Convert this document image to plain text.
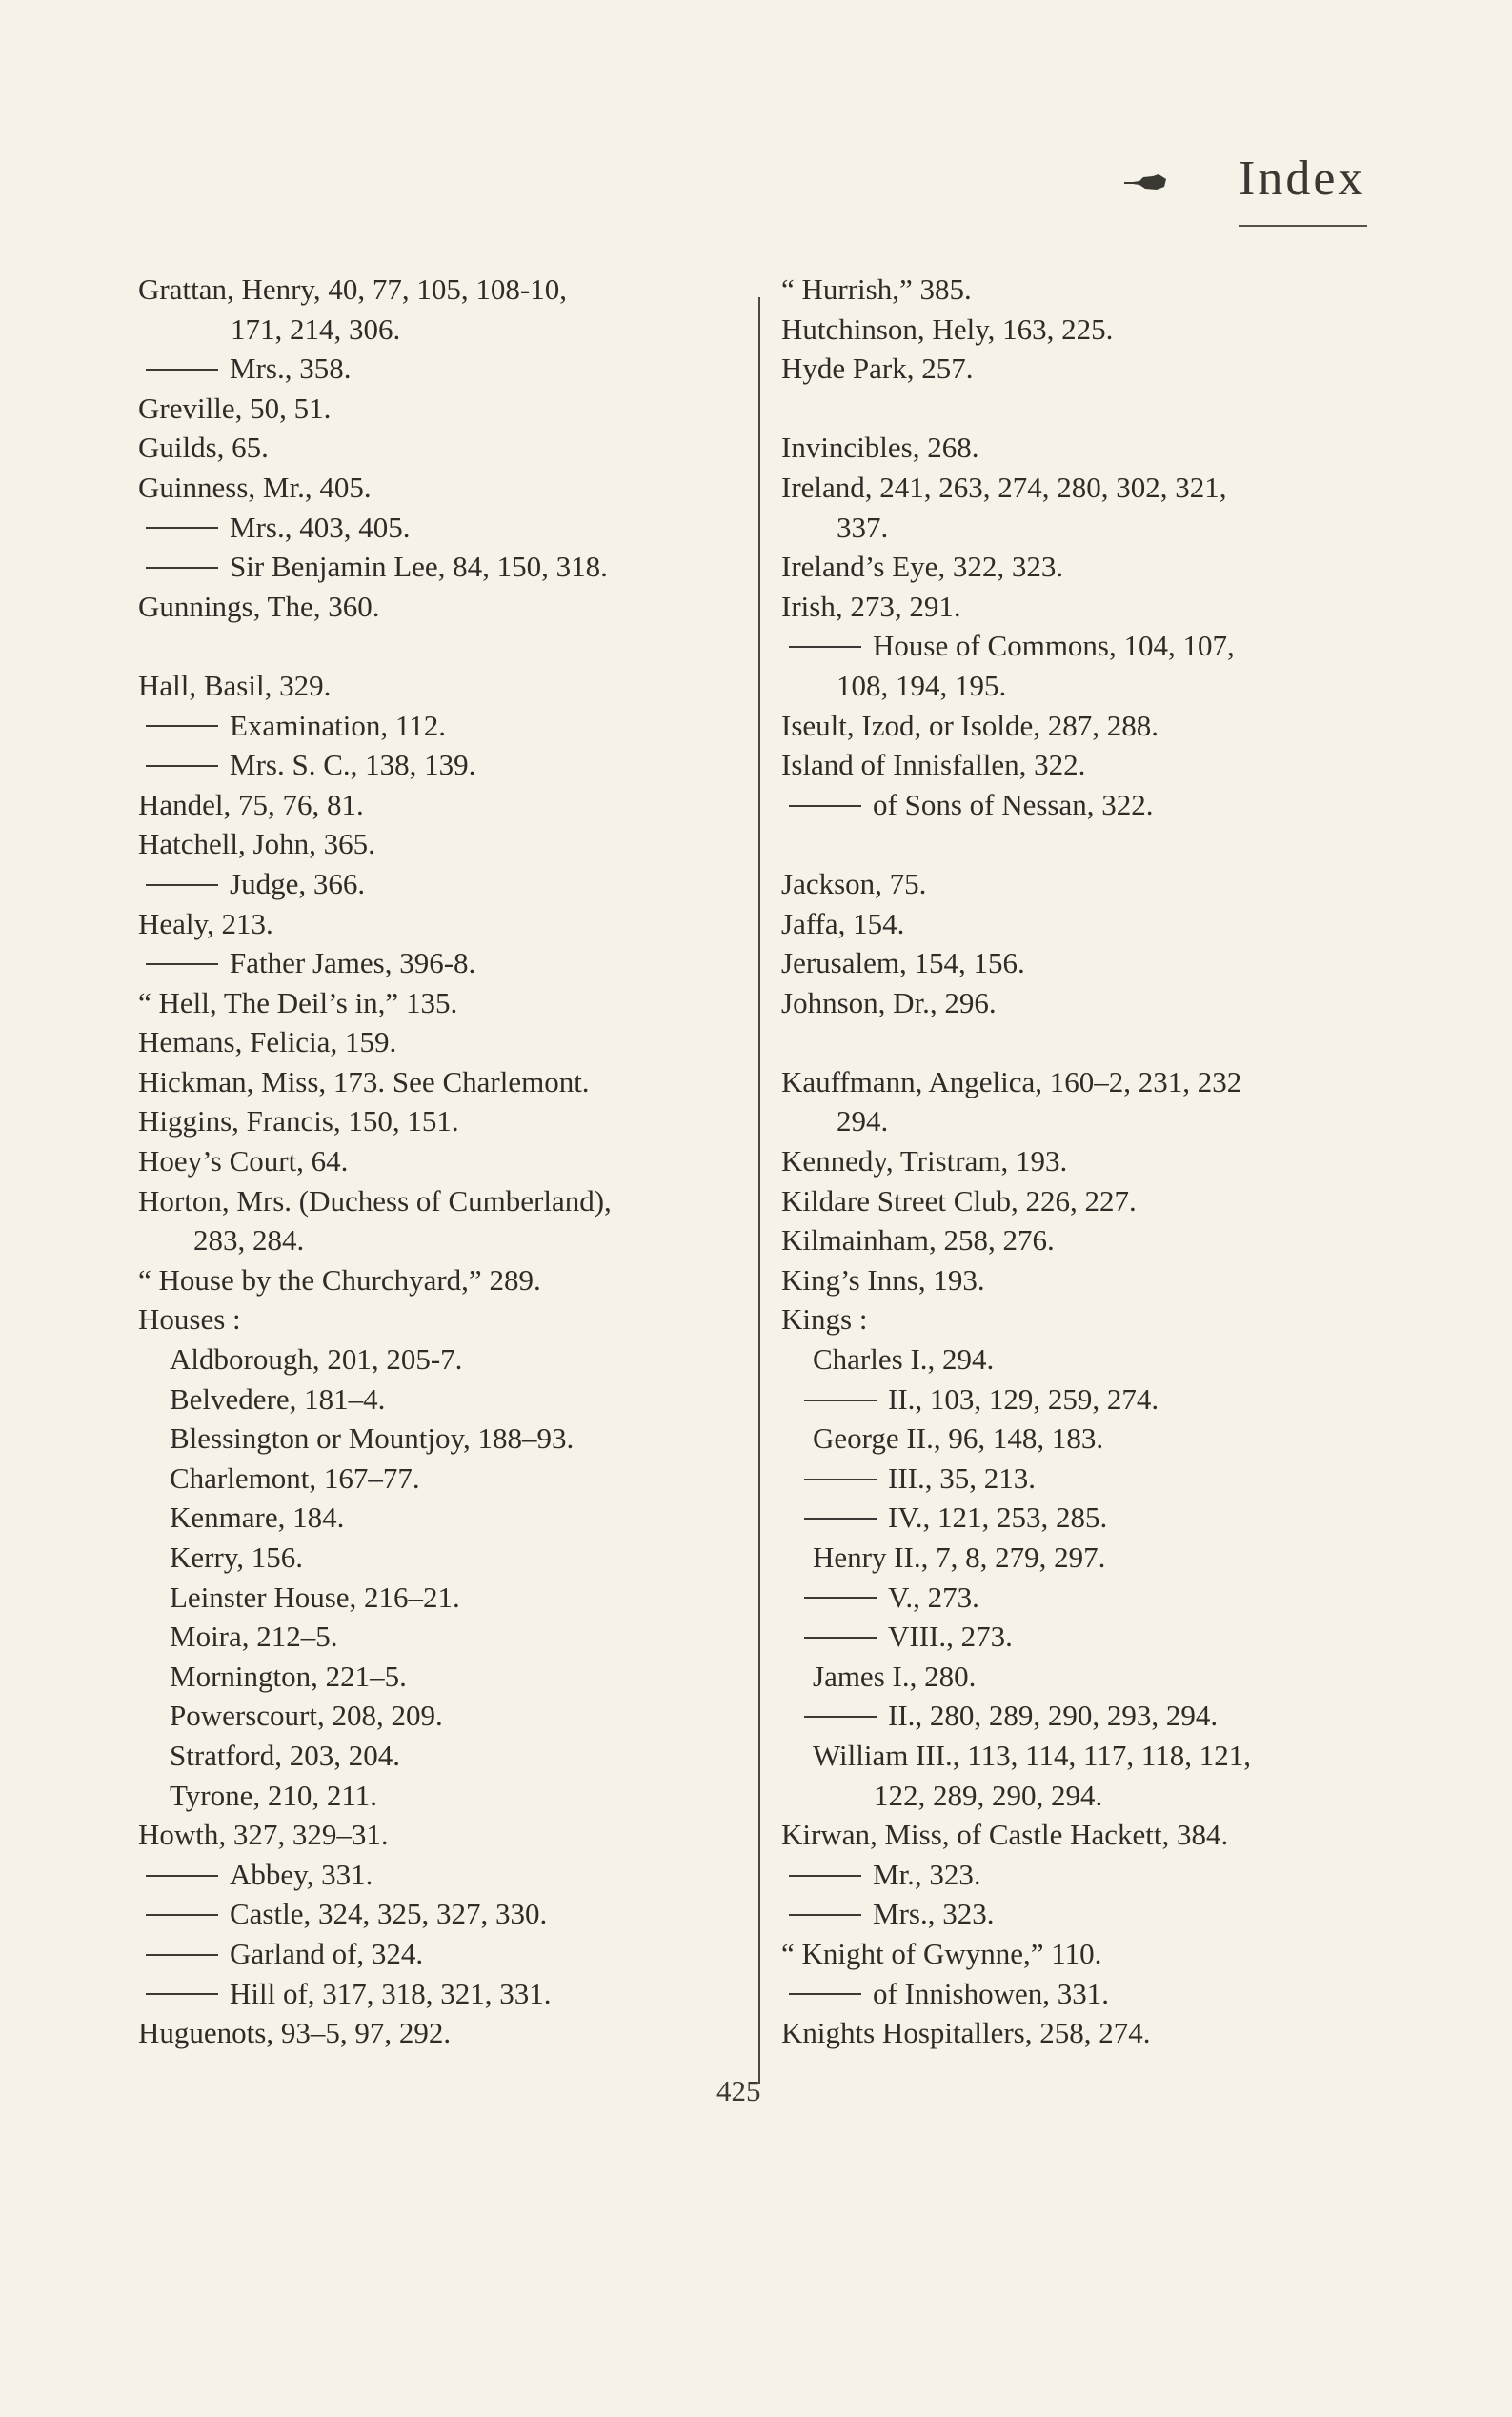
Index
Grattan, Henry, 40, 77, 105, 108-10,
171, 214, 306.
Mrs., 358.
Greville, 50, 51.
Guilds, 65.
Guinness, Mr., 405.
Mrs., 403, 405.
Sir Benjamin Lee, 84, 150, 318.
Gunnings, The, 360.
Hall, Basil, 329.
Examination, 112.
Mrs. S. C., 138, 139.
Handel, 75, 76, 81.
Hatchell, John, 365.
Judge, 366.
Healy, 213.
Father James, 396-8.
“ Hell, The Deil’s in,” 135.
Hemans, Felicia, 159.
Hickman, Miss, 173. See Charlemont.
Higgins, Francis, 150, 151.
Hoey’s Court, 64.
Horton, Mrs. (Duchess of Cumberland),
283, 284.
“ House by the Churchyard,” 289.
Houses :
Aldborough, 201, 205-7.
Belvedere, 181–4.
Blessington or Mountjoy, 188–93.
Charlemont, 167–77.
Kenmare, 184.
Kerry, 156.
Leinster House, 216–21.
Moira, 212–5.
Mornington, 221–5.
Powerscourt, 208, 209.
Stratford, 203, 204.
Tyrone, 210, 211.
Howth, 327, 329–31.
Abbey, 331.
Castle, 324, 325, 327, 330.
Garland of, 324.
Hill of, 317, 318, 321, 331.
Huguenots, 93–5, 97, 292.
“ Hurrish,” 385.
Hutchinson, Hely, 163, 225.
Hyde Park, 257.
Invincibles, 268.
Ireland, 241, 263, 274, 280, 302, 321,
337.
Ireland’s Eye, 322, 323.
Irish, 273, 291.
House of Commons, 104, 107,
108, 194, 195.
Iseult, Izod, or Isolde, 287, 288.
Island of Innisfallen, 322.
of Sons of Nessan, 322.
Jackson, 75.
Jaffa, 154.
Jerusalem, 154, 156.
Johnson, Dr., 296.
Kauffmann, Angelica, 160–2, 231, 232
294.
Kennedy, Tristram, 193.
Kildare Street Club, 226, 227.
Kilmainham, 258, 276.
King’s Inns, 193.
Kings :
Charles I., 294.
II., 103, 129, 259, 274.
George II., 96, 148, 183.
III., 35, 213.
IV., 121, 253, 285.
Henry II., 7, 8, 279, 297.
V., 273.
VIII., 273.
James I., 280.
II., 280, 289, 290, 293, 294.
William III., 113, 114, 117, 118, 121,
122, 289, 290, 294.
Kirwan, Miss, of Castle Hackett, 384.
Mr., 323.
Mrs., 323.
“ Knight of Gwynne,” 110.
of Innishowen, 331.
Knights Hospitallers, 258, 274.
425
